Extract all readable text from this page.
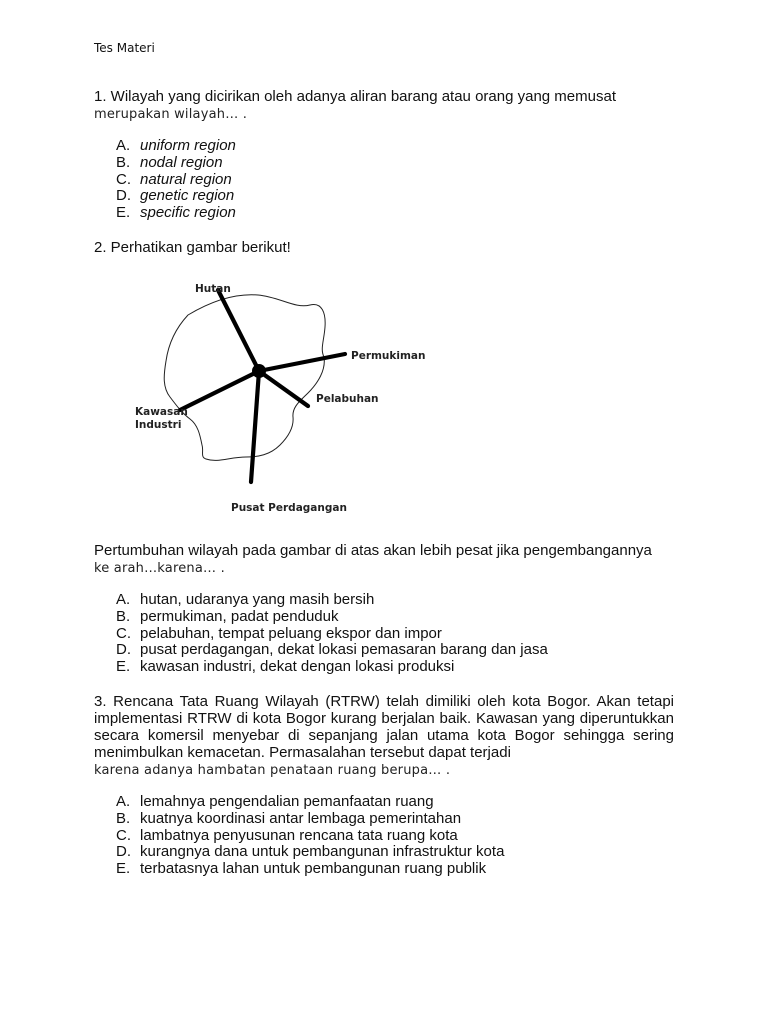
Tes Materi
1. Wilayah yang dicirikan oleh adanya aliran barang atau orang yang memusat
merupakan wilayah… .
A. uniform region
B. nodal region
C. natural region
D. genetic region
E. specific region
2. Perhatikan gambar berikut!
Hutan
Permukiman
Pelabuhan
Kawasan
Industri
Pusat Perdagangan
Pertumbuhan wilayah pada gambar di atas akan lebih pesat jika pengembangannya
ke arah…karena… .
A. hutan, udaranya yang masih bersih
B. permukiman, padat penduduk
C. pelabuhan, tempat peluang ekspor dan impor
D. pusat perdagangan, dekat lokasi pemasaran barang dan jasa
E. kawasan industri, dekat dengan lokasi produksi
3. Rencana Tata Ruang Wilayah (RTRW) telah dimiliki oleh kota Bogor. Akan tetapi implementasi RTRW di kota Bogor kurang berjalan baik. Kawasan yang diperuntukkan secara komersil menyebar di sepanjang jalan utama kota Bogor sehingga sering menimbulkan kemacetan. Permasalahan tersebut dapat terjadi
karena adanya hambatan penataan ruang berupa… .
A. lemahnya pengendalian pemanfaatan ruang
B. kuatnya koordinasi antar lembaga pemerintahan
C. lambatnya penyusunan rencana tata ruang kota
D. kurangnya dana untuk pembangunan infrastruktur kota
E. terbatasnya lahan untuk pembangunan ruang publik
